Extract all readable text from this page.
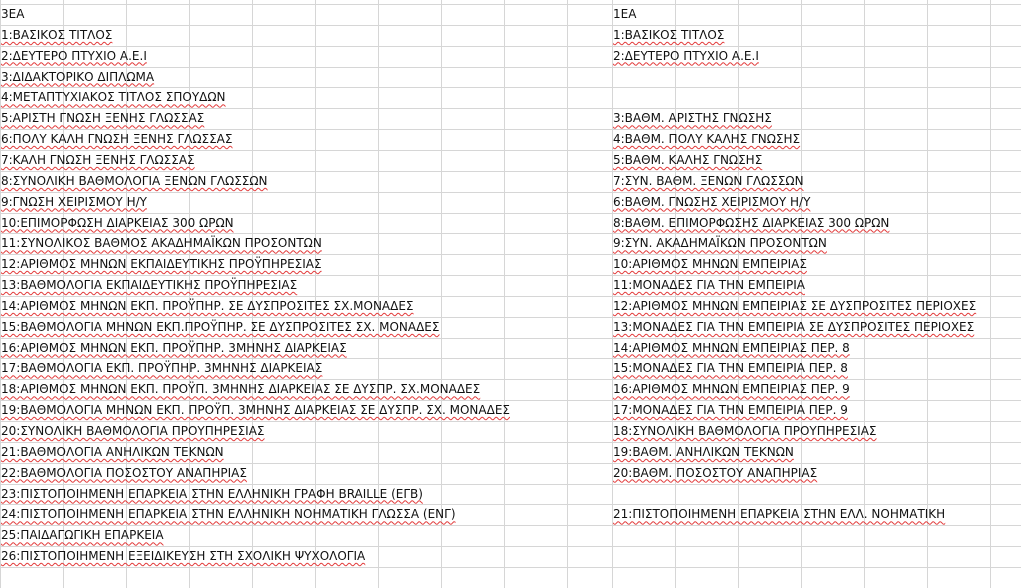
3ΕΑ	1ΕΑ
1:ΒΑΣΙΚΟΣ ΤΙΤΛΟΣ	1:ΒΑΣΙΚΟΣ ΤΙΤΛΟΣ
2:ΔΕΥΤΕΡΟ ΠΤΥΧΙΟ Α.Ε.Ι	2:ΔΕΥΤΕΡΟ ΠΤΥΧΙΟ Α.Ε.Ι
3:ΔΙΔΑΚΤΟΡΙΚΟ ΔΙΠΛΩΜΑ
4:ΜΕΤΑΠΤΥΧΙΑΚΟΣ ΤΙΤΛΟΣ ΣΠΟΥΔΩΝ
5:ΑΡΙΣΤΗ ΓΝΩΣΗ ΞΕΝΗΣ ΓΛΩΣΣΑΣ	3:ΒΑΘΜ. ΑΡΙΣΤΗΣ ΓΝΩΣΗΣ
6:ΠΟΛΥ ΚΑΛΗ ΓΝΩΣΗ ΞΕΝΗΣ ΓΛΩΣΣΑΣ	4:ΒΑΘΜ. ΠΟΛΥ ΚΑΛΗΣ ΓΝΩΣΗΣ
7:ΚΑΛΗ ΓΝΩΣΗ ΞΕΝΗΣ ΓΛΩΣΣΑΣ	5:ΒΑΘΜ. ΚΑΛΗΣ ΓΝΩΣΗΣ
8:ΣΥΝΟΛΙΚΗ ΒΑΘΜΟΛΟΓΙΑ ΞΕΝΩΝ ΓΛΩΣΣΩΝ	7:ΣΥΝ. ΒΑΘΜ. ΞΕΝΩΝ ΓΛΩΣΣΩΝ
9:ΓΝΩΣΗ ΧΕΙΡΙΣΜΟΥ Η/Υ	6:ΒΑΘΜ. ΓΝΩΣΗΣ ΧΕΙΡΙΣΜΟΥ Η/Υ
10:ΕΠΙΜΟΡΦΩΣΗ ΔΙΑΡΚΕΙΑΣ 300 ΩΡΩΝ	8:ΒΑΘΜ. ΕΠΙΜΟΡΦΩΣΗΣ ΔΙΑΡΚΕΙΑΣ 300 ΩΡΩΝ
11:ΣΥΝΟΛΙΚΟΣ ΒΑΘΜΟΣ ΑΚΑΔΗΜΑΪΚΩΝ ΠΡΟΣΟΝΤΩΝ	9:ΣΥΝ. ΑΚΑΔΗΜΑΪΚΩΝ ΠΡΟΣΟΝΤΩΝ
12:ΑΡΙΘΜΟΣ ΜΗΝΩΝ ΕΚΠΑΙΔΕΥΤΙΚΗΣ ΠΡΟΫΠΗΡΕΣΙΑΣ	10:ΑΡΙΘΜΟΣ ΜΗΝΩΝ ΕΜΠΕΙΡΙΑΣ
13:ΒΑΘΜΟΛΟΓΙΑ ΕΚΠΑΙΔΕΥΤΙΚΗΣ ΠΡΟΫΠΗΡΕΣΙΑΣ	11:ΜΟΝΑΔΕΣ ΓΙΑ ΤΗΝ ΕΜΠΕΙΡΙΑ
14:ΑΡΙΘΜΟΣ ΜΗΝΩΝ ΕΚΠ. ΠΡΟΫΠΗΡ. ΣΕ ΔΥΣΠΡΟΣΙΤΕΣ ΣΧ.ΜΟΝΑΔΕΣ	12:ΑΡΙΘΜΟΣ ΜΗΝΩΝ ΕΜΠΕΙΡΙΑΣ ΣΕ ΔΥΣΠΡΟΣΙΤΕΣ ΠΕΡΙΟΧΕΣ
15:ΒΑΘΜΟΛΟΓΙΑ ΜΗΝΩΝ ΕΚΠ.ΠΡΟΫΠΗΡ. ΣΕ ΔΥΣΠΡΟΣΙΤΕΣ ΣΧ. ΜΟΝΑΔΕΣ	13:ΜΟΝΑΔΕΣ ΓΙΑ ΤΗΝ ΕΜΠΕΙΡΙΑ ΣΕ ΔΥΣΠΡΟΣΙΤΕΣ ΠΕΡΙΟΧΕΣ
16:ΑΡΙΘΜΟΣ ΜΗΝΩΝ ΕΚΠ. ΠΡΟΫΠΗΡ. 3ΜΗΝΗΣ ΔΙΑΡΚΕΙΑΣ	14:ΑΡΙΘΜΟΣ ΜΗΝΩΝ ΕΜΠΕΙΡΙΑΣ ΠΕΡ. 8
17:ΒΑΘΜΟΛΟΓΙΑ ΕΚΠ. ΠΡΟΫΠΗΡ. 3ΜΗΝΗΣ ΔΙΑΡΚΕΙΑΣ	15:ΜΟΝΑΔΕΣ ΓΙΑ ΤΗΝ ΕΜΠΕΙΡΙΑ ΠΕΡ. 8
18:ΑΡΙΘΜΟΣ ΜΗΝΩΝ ΕΚΠ. ΠΡΟΫΠ. 3ΜΗΝΗΣ ΔΙΑΡΚΕΙΑΣ ΣΕ ΔΥΣΠΡ. ΣΧ.ΜΟΝΑΔΕΣ	16:ΑΡΙΘΜΟΣ ΜΗΝΩΝ ΕΜΠΕΙΡΙΑΣ ΠΕΡ. 9
19:ΒΑΘΜΟΛΟΓΙΑ ΜΗΝΩΝ ΕΚΠ. ΠΡΟΫΠ. 3ΜΗΝΗΣ ΔΙΑΡΚΕΙΑΣ ΣΕ ΔΥΣΠΡ. ΣΧ. ΜΟΝΑΔΕΣ	17:ΜΟΝΑΔΕΣ ΓΙΑ ΤΗΝ ΕΜΠΕΙΡΙΑ ΠΕΡ. 9
20:ΣΥΝΟΛΙΚΗ ΒΑΘΜΟΛΟΓΙΑ ΠΡΟΥΠΗΡΕΣΙΑΣ	18:ΣΥΝΟΛΙΚΗ ΒΑΘΜΟΛΟΓΙΑ ΠΡΟΥΠΗΡΕΣΙΑΣ
21:ΒΑΘΜΟΛΟΓΙΑ ΑΝΗΛΙΚΩΝ ΤΕΚΝΩΝ	19:ΒΑΘΜ. ΑΝΗΛΙΚΩΝ ΤΕΚΝΩΝ
22:ΒΑΘΜΟΛΟΓΙΑ ΠΟΣΟΣΤΟΥ ΑΝΑΠΗΡΙΑΣ	20:ΒΑΘΜ. ΠΟΣΟΣΤΟΥ ΑΝΑΠΗΡΙΑΣ
23:ΠΙΣΤΟΠΟΙΗΜΕΝΗ ΕΠΑΡΚΕΙΑ ΣΤΗΝ ΕΛΛΗΝΙΚΗ ΓΡΑΦΗ BRAILLE (ΕΓΒ)
24:ΠΙΣΤΟΠΟΙΗΜΕΝΗ ΕΠΑΡΚΕΙΑ ΣΤΗΝ ΕΛΛΗΝΙΚΗ ΝΟΗΜΑΤΙΚΗ ΓΛΩΣΣΑ (ΕΝΓ)	21:ΠΙΣΤΟΠΟΙΗΜΕΝΗ ΕΠΑΡΚΕΙΑ ΣΤΗΝ ΕΛΛ. ΝΟΗΜΑΤΙΚΗ
25:ΠΑΙΔΑΓΩΓΙΚΗ ΕΠΑΡΚΕΙΑ
26:ΠΙΣΤΟΠΟΙΗΜΕΝΗ ΕΞΕΙΔΙΚΕΥΣΗ ΣΤΗ ΣΧΟΛΙΚΗ ΨΥΧΟΛΟΓΙΑ
